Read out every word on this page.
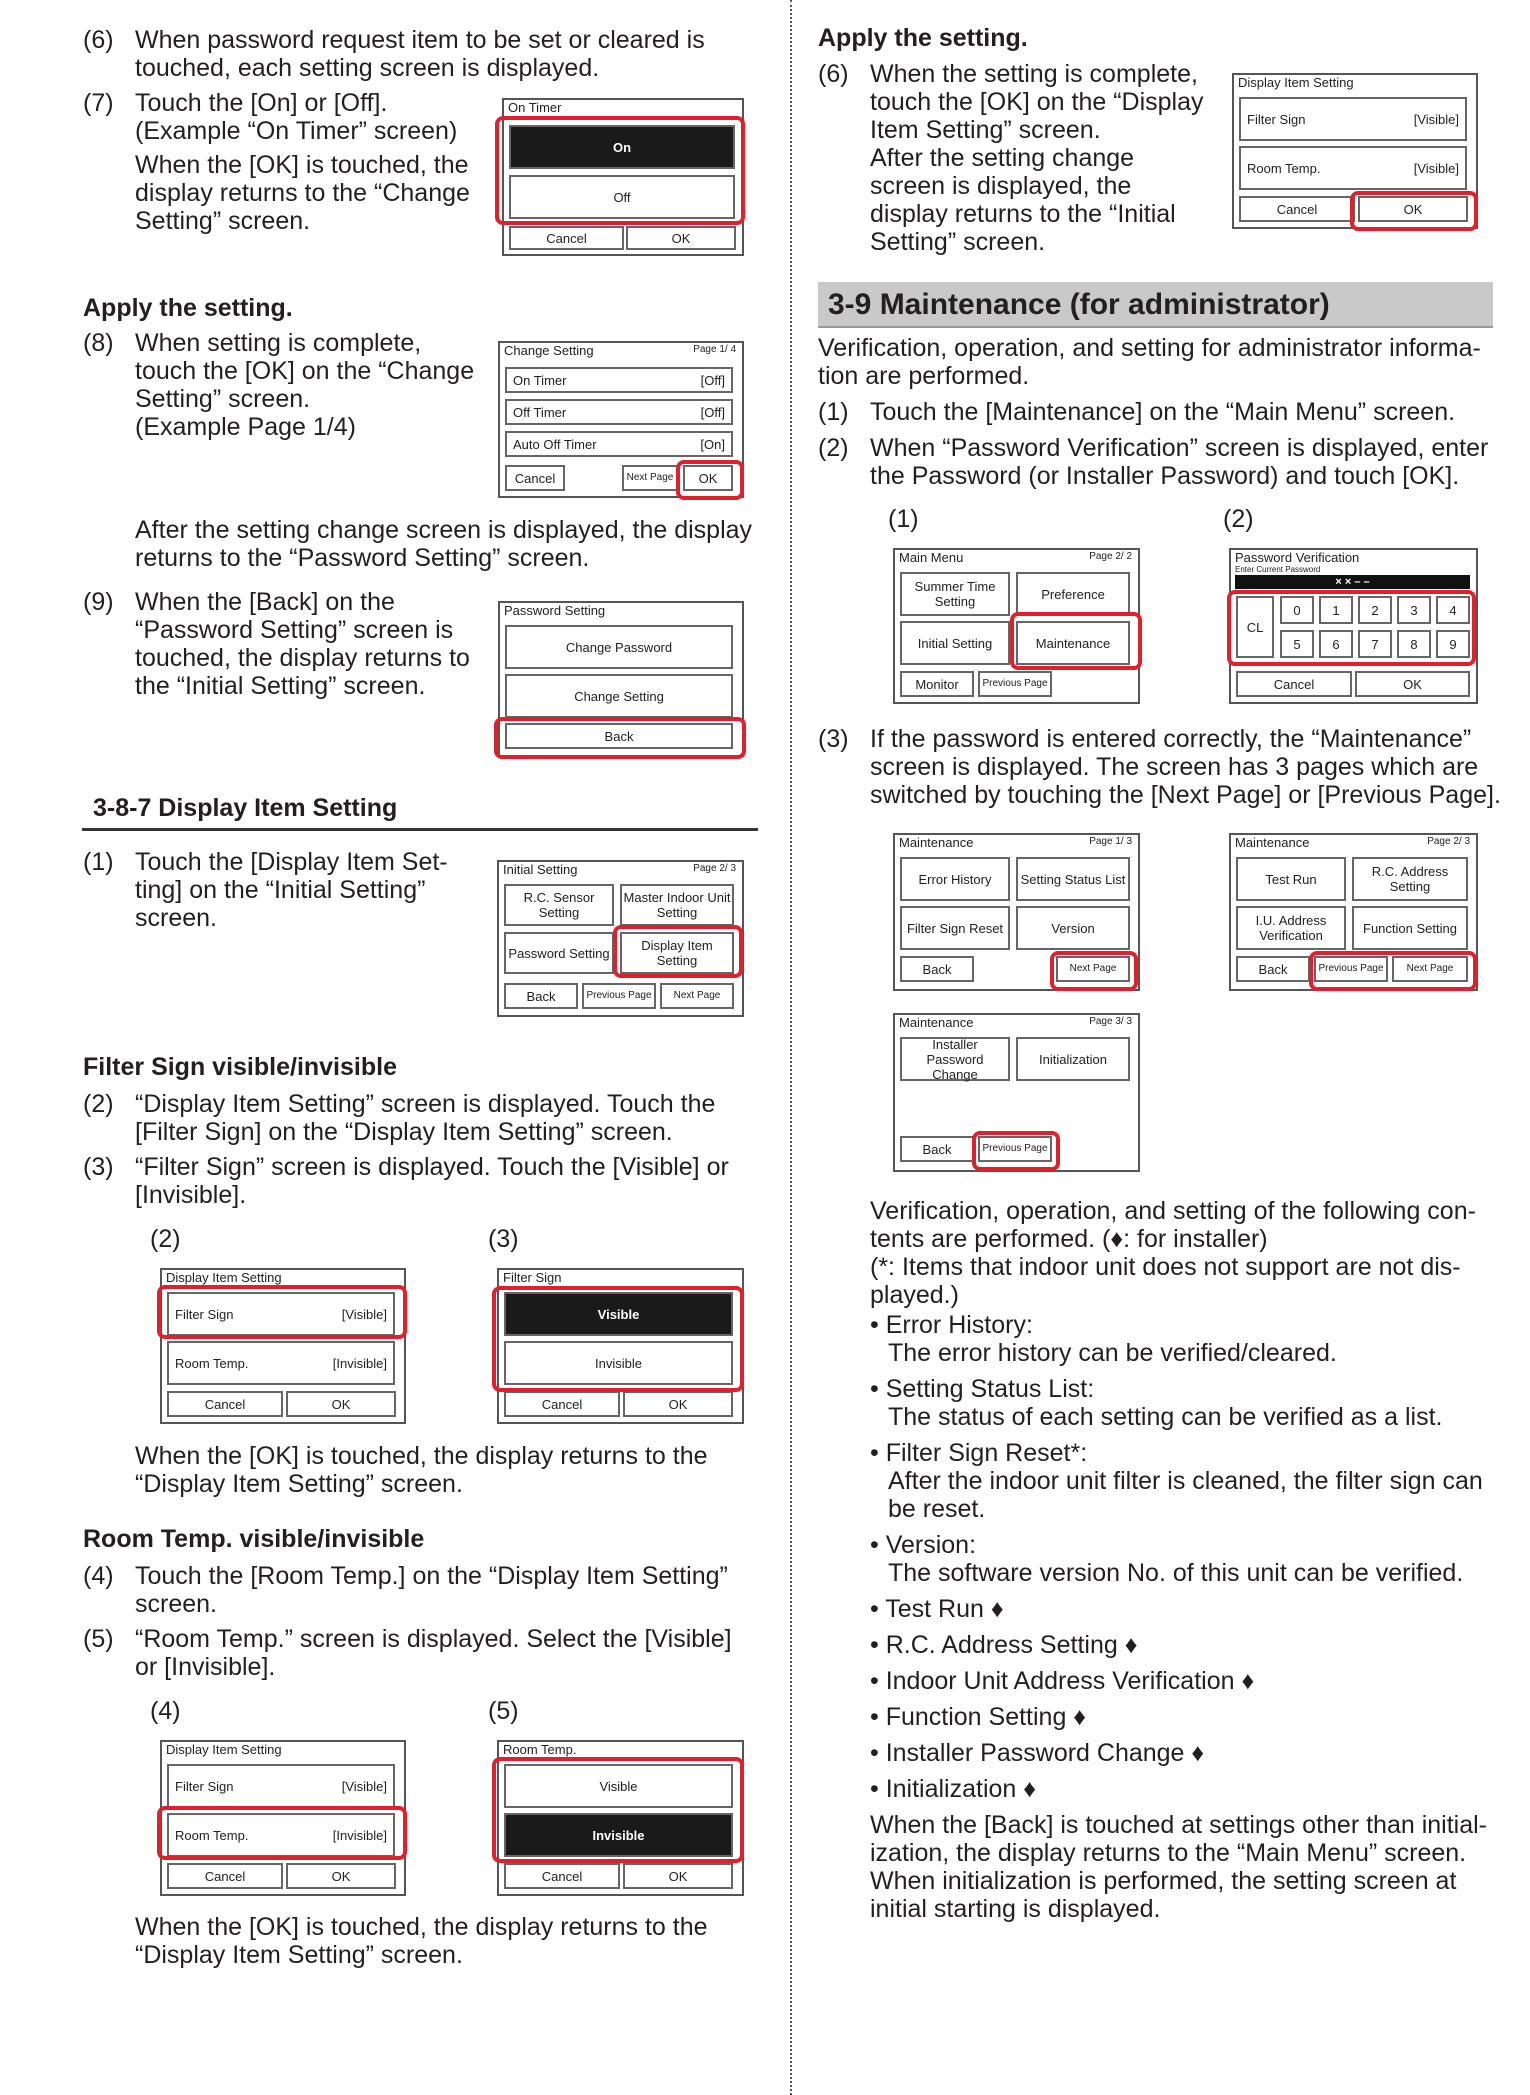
(6) When password request item to be set or cleared is
touched, each setting screen is displayed.
(7) Touch the [On] or [Off].
(Example “On Timer” screen)
When the [OK] is touched, the
display returns to the “Change
Setting” screen.
On Timer
On
Off
Cancel	OK
Apply the setting.
(8) When setting is complete,
touch the [OK] on the “Change
Setting” screen.
(Example Page 1/4)
Change Setting	Page 1/ 4
On Timer	[Off]
Off Timer	[Off]
Auto Off Timer	[On]
Cancel	Next Page	OK
After the setting change screen is displayed, the display
returns to the “Password Setting” screen.
(9) When the [Back] on the
“Password Setting” screen is
touched, the display returns to
the “Initial Setting” screen.
Password Setting
Change Password
Change Setting
Back
3-8-7 Display Item Setting
(1) Touch the [Display Item Set-
ting] on the “Initial Setting”
screen.
Initial Setting	Page 2/ 3
R.C. Sensor Setting
Master Indoor Unit Setting
Password Setting	Display Item Setting
Back	Previous Page	Next Page
Filter Sign visible/invisible
(2) “Display Item Setting” screen is displayed. Touch the
[Filter Sign] on the “Display Item Setting” screen.
(3) “Filter Sign” screen is displayed. Touch the [Visible] or
[Invisible].
(2)	(3)
Display Item Setting
Filter Sign	[Visible]
Room Temp.	[Invisible]
Cancel	OK
Filter Sign
Visible
Invisible
Cancel	OK
When the [OK] is touched, the display returns to the
“Display Item Setting” screen.
Room Temp. visible/invisible
(4) Touch the [Room Temp.] on the “Display Item Setting”
screen.
(5) “Room Temp.” screen is displayed. Select the [Visible]
or [Invisible].
(4)	(5)
Display Item Setting
Filter Sign	[Visible]
Room Temp.	[Invisible]
Cancel	OK
Room Temp.
Visible
Invisible
Cancel	OK
When the [OK] is touched, the display returns to the
“Display Item Setting” screen.
Apply the setting.
(6) When the setting is complete,
touch the [OK] on the “Display
Item Setting” screen.
After the setting change
screen is displayed, the
display returns to the “Initial
Setting” screen.
Display Item Setting
Filter Sign	[Visible]
Room Temp.	[Visible]
Cancel	OK
3-9 Maintenance (for administrator)
Verification, operation, and setting for administrator informa-
tion are performed.
(1) Touch the [Maintenance] on the “Main Menu” screen.
(2) When “Password Verification” screen is displayed, enter
the Password (or Installer Password) and touch [OK].
(1)	(2)
Main Menu	Page 2/ 2
Summer Time Setting	Preference
Initial Setting	Maintenance
Monitor	Previous Page
Password Verification
Enter Current Password
× × – –
CL
0	1	2	3	4
5	6	7	8	9
Cancel	OK
(3) If the password is entered correctly, the “Maintenance”
screen is displayed. The screen has 3 pages which are
switched by touching the [Next Page] or [Previous Page].
Maintenance	Page 1/ 3
Error History	Setting Status List
Filter Sign Reset	Version
Back	Next Page
Maintenance	Page 2/ 3
Test Run	R.C. Address Setting
I.U. Address Verification	Function Setting
Back	Previous Page	Next Page
Maintenance	Page 3/ 3
Installer Password Change
Initialization
Back	Previous Page
Verification, operation, and setting of the following con-
tents are performed. (♦: for installer)
(*: Items that indoor unit does not support are not dis-
played.)
• Error History:
The error history can be verified/cleared.
• Setting Status List:
The status of each setting can be verified as a list.
• Filter Sign Reset*:
After the indoor unit filter is cleaned, the filter sign can
be reset.
• Version:
The software version No. of this unit can be verified.
• Test Run ♦
• R.C. Address Setting ♦
• Indoor Unit Address Verification ♦
• Function Setting ♦
• Installer Password Change ♦
• Initialization ♦
When the [Back] is touched at settings other than initial-
ization, the display returns to the “Main Menu” screen.
When initialization is performed, the setting screen at
initial starting is displayed.
